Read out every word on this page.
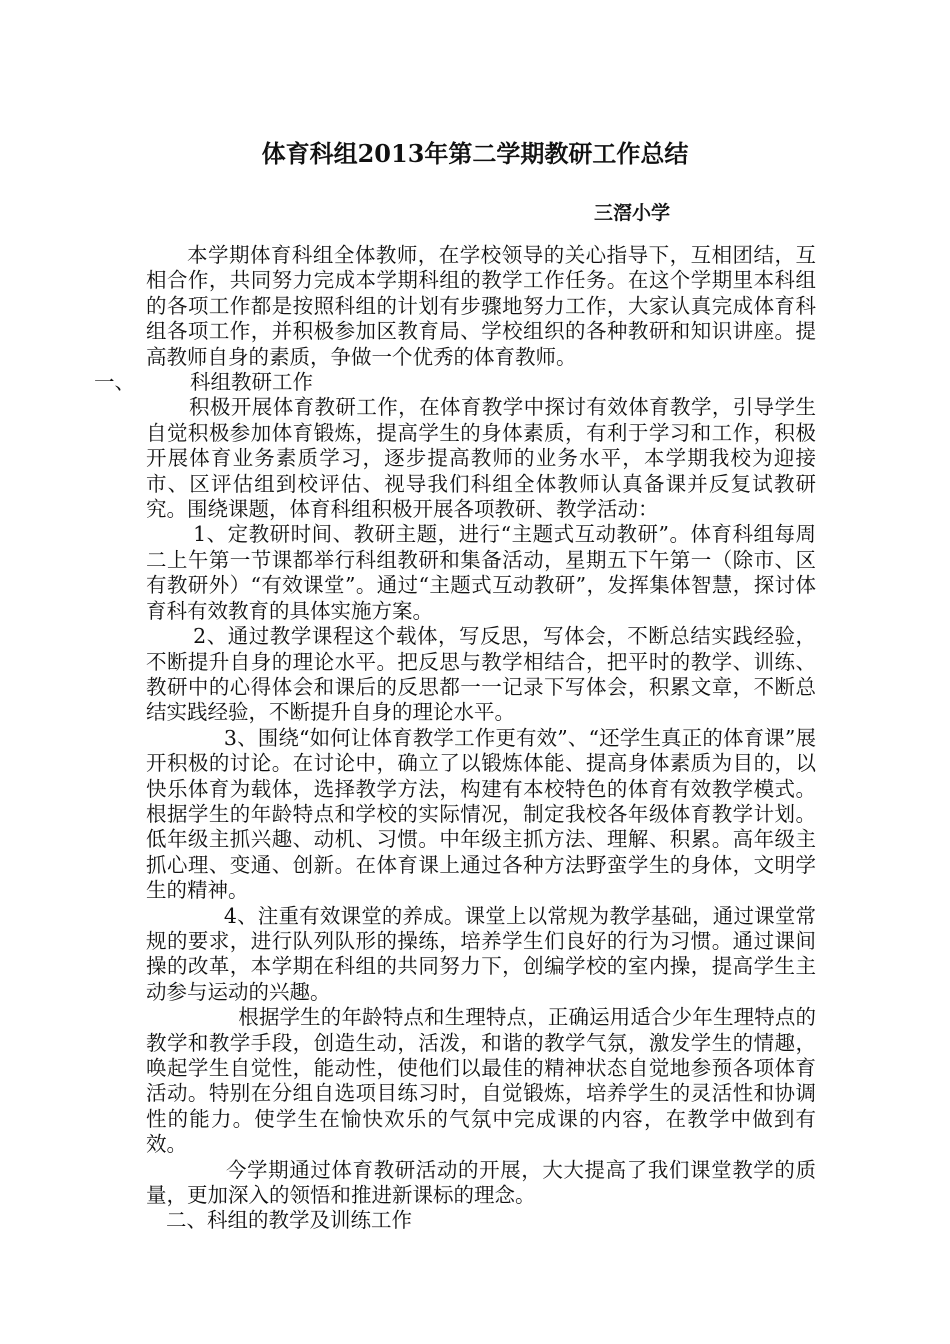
体育科组2013年第二学期教研工作总结
三滘小学

本学期体育科组全体教师，在学校领导的关心指导下，互相团结，互相合作，共同努力完成本学期科组的教学工作任务。在这个学期里本科组的各项工作都是按照科组的计划有步骤地努力工作，大家认真完成体育科组各项工作，并积极参加区教育局、学校组织的各种教研和知识讲座。提高教师自身的素质，争做一个优秀的体育教师。

一、	科组教研工作

积极开展体育教研工作，在体育教学中探讨有效体育教学，引导学生自觉积极参加体育锻炼，提高学生的身体素质，有利于学习和工作，积极开展体育业务素质学习，逐步提高教师的业务水平，本学期我校为迎接市、区评估组到校评估、视导我们科组全体教师认真备课并反复试教研究。围绕课题，体育科组积极开展各项教研、教学活动：

1、定教研时间、教研主题，进行“主题式互动教研”。体育科组每周二上午第一节课都举行科组教研和集备活动，星期五下午第一（除市、区有教研外）“有效课堂”。通过“主题式互动教研”，发挥集体智慧，探讨体育科有效教育的具体实施方案。

2、通过教学课程这个载体，写反思，写体会，不断总结实践经验，不断提升自身的理论水平。把反思与教学相结合，把平时的教学、训练、教研中的心得体会和课后的反思都一一记录下写体会，积累文章，不断总结实践经验，不断提升自身的理论水平。

3、围绕“如何让体育教学工作更有效”、“还学生真正的体育课”展开积极的讨论。在讨论中，确立了以锻炼体能、提高身体素质为目的，以快乐体育为载体，选择教学方法，构建有本校特色的体育有效教学模式。根据学生的年龄特点和学校的实际情况，制定我校各年级体育教学计划。低年级主抓兴趣、动机、习惯。中年级主抓方法、理解、积累。高年级主抓心理、变通、创新。在体育课上通过各种方法野蛮学生的身体，文明学生的精神。

4、注重有效课堂的养成。课堂上以常规为教学基础，通过课堂常规的要求，进行队列队形的操练，培养学生们良好的行为习惯。通过课间操的改革，本学期在科组的共同努力下，创编学校的室内操，提高学生主动参与运动的兴趣。

根据学生的年龄特点和生理特点，正确运用适合少年生理特点的教学和教学手段，创造生动，活泼，和谐的教学气氛，激发学生的情趣，唤起学生自觉性，能动性，使他们以最佳的精神状态自觉地参预各项体育活动。特别在分组自选项目练习时，自觉锻炼，培养学生的灵活性和协调性的能力。使学生在愉快欢乐的气氛中完成课的内容，在教学中做到有效。

今学期通过体育教研活动的开展，大大提高了我们课堂教学的质量，更加深入的领悟和推进新课标的理念。

二、科组的教学及训练工作
